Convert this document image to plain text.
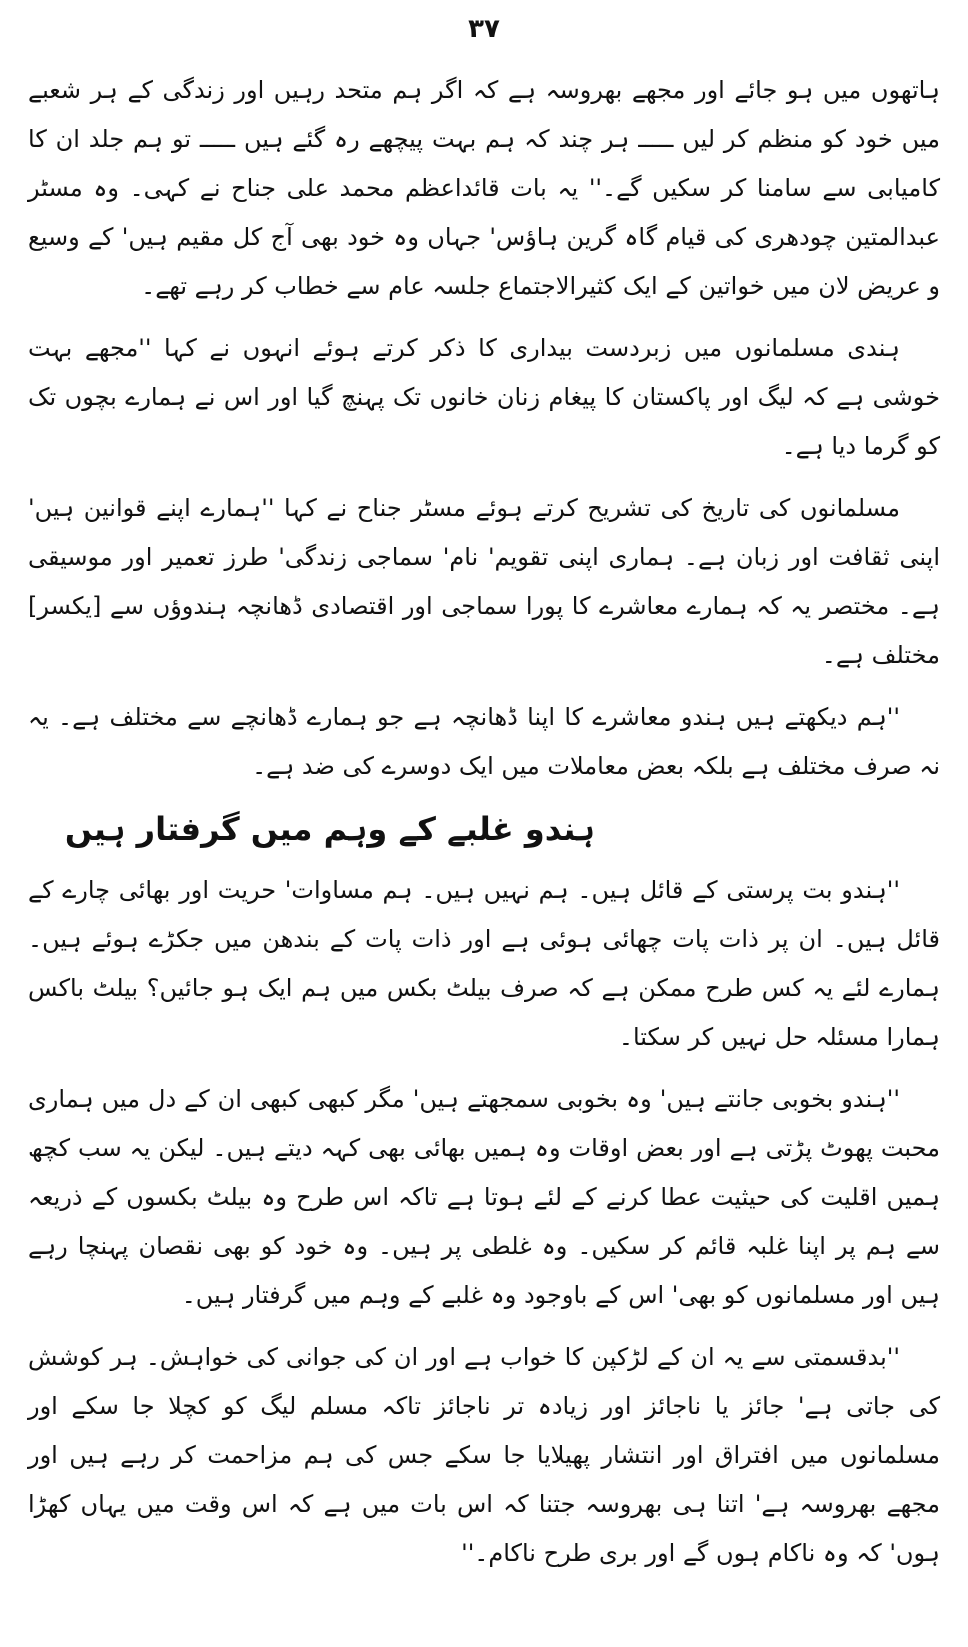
۳۷

ہاتھوں میں ہو جائے اور مجھے بھروسہ ہے کہ اگر ہم متحد رہیں اور زندگی کے ہر شعبے میں خود کو منظم کر لیں ـــــ ہر چند کہ ہم بہت پیچھے رہ گئے ہیں ـــــ تو ہم جلد ان کا کامیابی سے سامنا کر سکیں گے۔'' یہ بات قائداعظم محمد علی جناح نے کہی۔ وہ مسٹر عبدالمتین چودھری کی قیام گاہ گرین ہاؤس' جہاں وہ خود بھی آج کل مقیم ہیں' کے وسیع و عریض لان میں خواتین کے ایک کثیرالاجتماع جلسہ عام سے خطاب کر رہے تھے۔

ہندی مسلمانوں میں زبردست بیداری کا ذکر کرتے ہوئے انہوں نے کہا ''مجھے بہت خوشی ہے کہ لیگ اور پاکستان کا پیغام زنان خانوں تک پہنچ گیا اور اس نے ہمارے بچوں تک کو گرما دیا ہے۔

مسلمانوں کی تاریخ کی تشریح کرتے ہوئے مسٹر جناح نے کہا ''ہمارے اپنے قوانین ہیں' اپنی ثقافت اور زبان ہے۔ ہماری اپنی تقویم' نام' سماجی زندگی' طرز تعمیر اور موسیقی ہے۔ مختصر یہ کہ ہمارے معاشرے کا پورا سماجی اور اقتصادی ڈھانچہ ہندوؤں سے [یکسر] مختلف ہے۔

''ہم دیکھتے ہیں ہندو معاشرے کا اپنا ڈھانچہ ہے جو ہمارے ڈھانچے سے مختلف ہے۔ یہ نہ صرف مختلف ہے بلکہ بعض معاملات میں ایک دوسرے کی ضد ہے۔

ہندو غلبے کے وہم میں گرفتار ہیں

''ہندو بت پرستی کے قائل ہیں۔ ہم نہیں ہیں۔ ہم مساوات' حریت اور بھائی چارے کے قائل ہیں۔ ان پر ذات پات چھائی ہوئی ہے اور ذات پات کے بندھن میں جکڑے ہوئے ہیں۔ ہمارے لئے یہ کس طرح ممکن ہے کہ صرف بیلٹ بکس میں ہم ایک ہو جائیں؟ بیلٹ باکس ہمارا مسئلہ حل نہیں کر سکتا۔

''ہندو بخوبی جانتے ہیں' وہ بخوبی سمجھتے ہیں' مگر کبھی کبھی ان کے دل میں ہماری محبت پھوٹ پڑتی ہے اور بعض اوقات وہ ہمیں بھائی بھی کہہ دیتے ہیں۔ لیکن یہ سب کچھ ہمیں اقلیت کی حیثیت عطا کرنے کے لئے ہوتا ہے تاکہ اس طرح وہ بیلٹ بکسوں کے ذریعہ سے ہم پر اپنا غلبہ قائم کر سکیں۔ وہ غلطی پر ہیں۔ وہ خود کو بھی نقصان پہنچا رہے ہیں اور مسلمانوں کو بھی' اس کے باوجود وہ غلبے کے وہم میں گرفتار ہیں۔

''بدقسمتی سے یہ ان کے لڑکپن کا خواب ہے اور ان کی جوانی کی خواہش۔ ہر کوشش کی جاتی ہے' جائز یا ناجائز اور زیادہ تر ناجائز تاکہ مسلم لیگ کو کچلا جا سکے اور مسلمانوں میں افتراق اور انتشار پھیلایا جا سکے جس کی ہم مزاحمت کر رہے ہیں اور مجھے بھروسہ ہے' اتنا ہی بھروسہ جتنا کہ اس بات میں ہے کہ اس وقت میں یہاں کھڑا ہوں' کہ وہ ناکام ہوں گے اور بری طرح ناکام۔''
